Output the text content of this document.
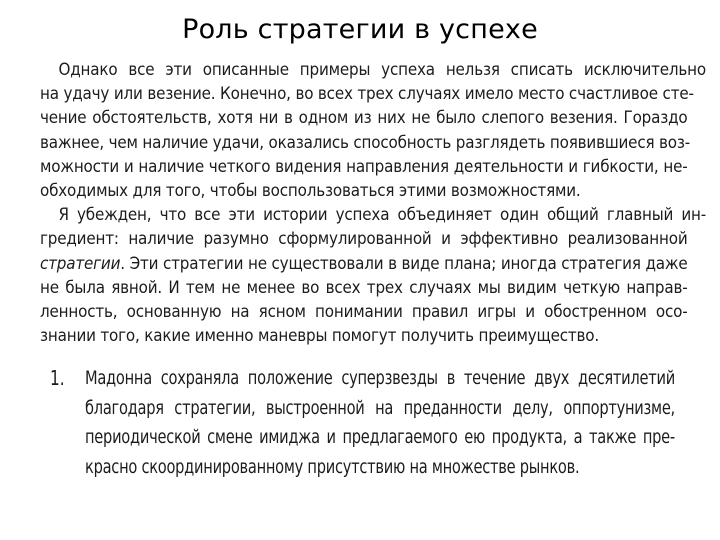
Роль стратегии в успехе
Однако все эти описанные примеры успеха нельзя списать исключительно
на удачу или везение. Конечно, во всех трех случаях имело место счастливое сте-
чение обстоятельств, хотя ни в одном из них не было слепого везения. Гораздо
важнее, чем наличие удачи, оказались способность разглядеть появившиеся воз-
можности и наличие четкого видения направления деятельности и гибкости, не-
обходимых для того, чтобы воспользоваться этими возможностями.
Я убежден, что все эти истории успеха объединяет один общий главный ин-
гредиент: наличие разумно сформулированной и эффективно реализованной
стратегии. Эти стратегии не существовали в виде плана; иногда стратегия даже
не была явной. И тем не менее во всех трех случаях мы видим четкую направ-
ленность, основанную на ясном понимании правил игры и обостренном осо-
знании того, какие именно маневры помогут получить преимущество.
1. Мадонна сохраняла положение суперзвезды в течение двух десятилетий
благодаря стратегии, выстроенной на преданности делу, оппортунизме,
периодической смене имиджа и предлагаемого ею продукта, а также пре-
красно скоординированному присутствию на множестве рынков.
